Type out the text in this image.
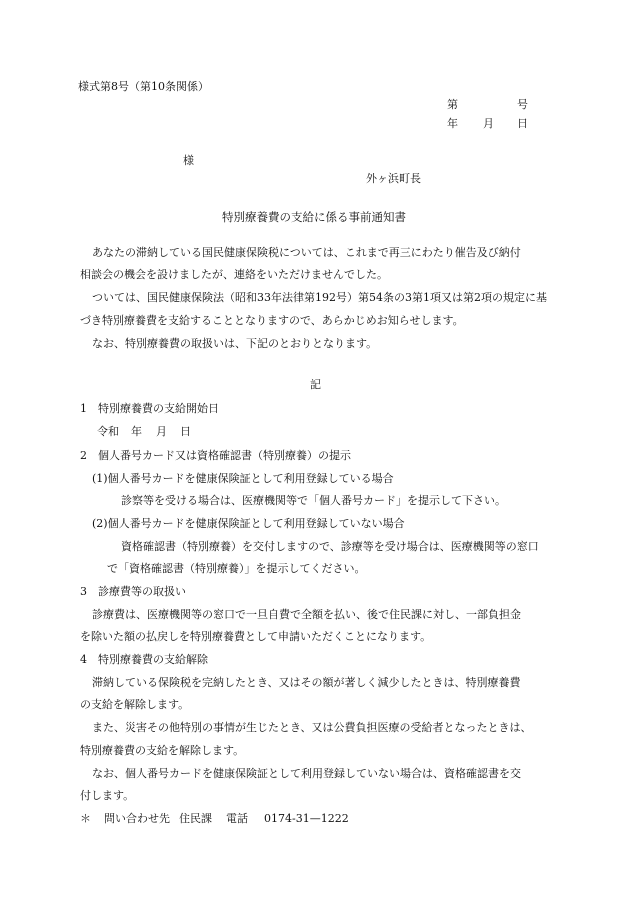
様式第8号（第10条関係）
第	号
年 月 日
様
外ヶ浜町長
特別療養費の支給に係る事前通知書
あなたの滞納している国民健康保険税については、これまで再三にわたり催告及び納付
相談会の機会を設けましたが、連絡をいただけませんでした。
ついては、国民健康保険法（昭和33年法律第192号）第54条の3第1項又は第2項の規定に基
づき特別療養費を支給することとなりますので、あらかじめお知らせします。
なお、特別療養費の取扱いは、下記のとおりとなります。
記
1　特別療養費の支給開始日
令和 年 月 日
2　個人番号カード又は資格確認書（特別療養）の提示
(1)個人番号カードを健康保険証として利用登録している場合
診察等を受ける場合は、医療機関等で「個人番号カード」を提示して下さい。
(2)個人番号カードを健康保険証として利用登録していない場合
資格確認書（特別療養）を交付しますので、診療等を受け場合は、医療機関等の窓口
で「資格確認書（特別療養）」を提示してください。
3　診療費等の取扱い
診療費は、医療機関等の窓口で一旦自費で全額を払い、後で住民課に対し、一部負担金
を除いた額の払戻しを特別療養費として申請いただくことになります。
4　特別療養費の支給解除
滞納している保険税を完納したとき、又はその額が著しく減少したときは、特別療養費
の支給を解除します。
また、災害その他特別の事情が生じたとき、又は公費負担医療の受給者となったときは、
特別療養費の支給を解除します。
なお、個人番号カードを健康保険証として利用登録していない場合は、資格確認書を交
付します。
＊ 問い合わせ先 住民課 電話 0174-31—1222
